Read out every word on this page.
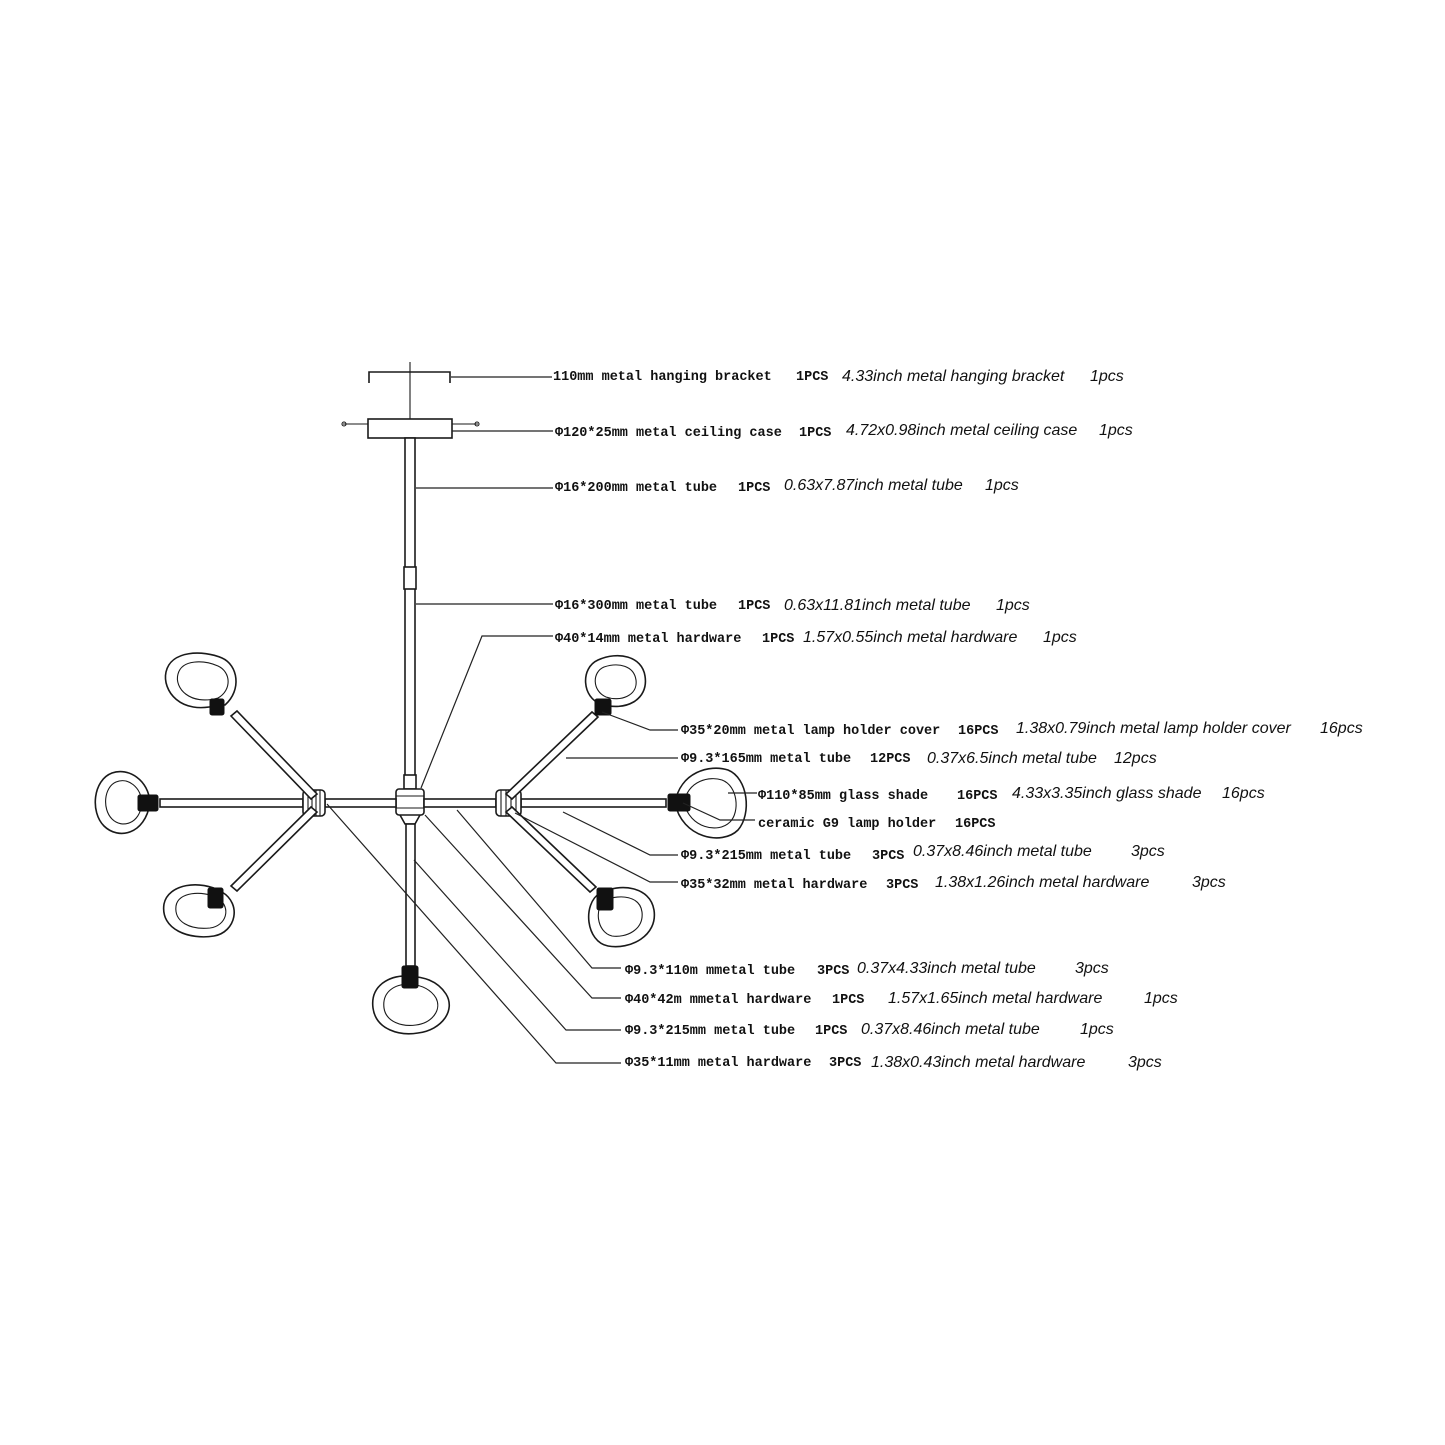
110mm metal hanging bracket 1PCS 4.33inch metal hanging bracket 1pcs
Φ120*25mm metal ceiling case 1PCS 4.72x0.98inch metal ceiling case 1pcs
Φ16*200mm metal tube 1PCS 0.63x7.87inch metal tube 1pcs
Φ16*300mm metal tube 1PCS 0.63x11.81inch metal tube 1pcs
Φ40*14mm metal hardware 1PCS 1.57x0.55inch metal hardware 1pcs
Φ35*20mm metal lamp holder cover 16PCS 1.38x0.79inch metal lamp holder cover 16pcs
Φ9.3*165mm metal tube 12PCS 0.37x6.5inch metal tube 12pcs
Φ110*85mm glass shade 16PCS 4.33x3.35inch glass shade 16pcs
ceramic G9 lamp holder 16PCS
Φ9.3*215mm metal tube 3PCS 0.37x8.46inch metal tube 3pcs
Φ35*32mm metal hardware 3PCS 1.38x1.26inch metal hardware	3pcs
Φ9.3*110m mmetal tube 3PCS 0.37x4.33inch metal tube 3pcs
Φ40*42m mmetal hardware 1PCS 1.57x1.65inch metal hardware	1pcs
Φ9.3*215mm metal tube 1PCS 0.37x8.46inch metal tube	1pcs
Φ35*11mm metal hardware 3PCS 1.38x0.43inch metal hardware	3pcs
